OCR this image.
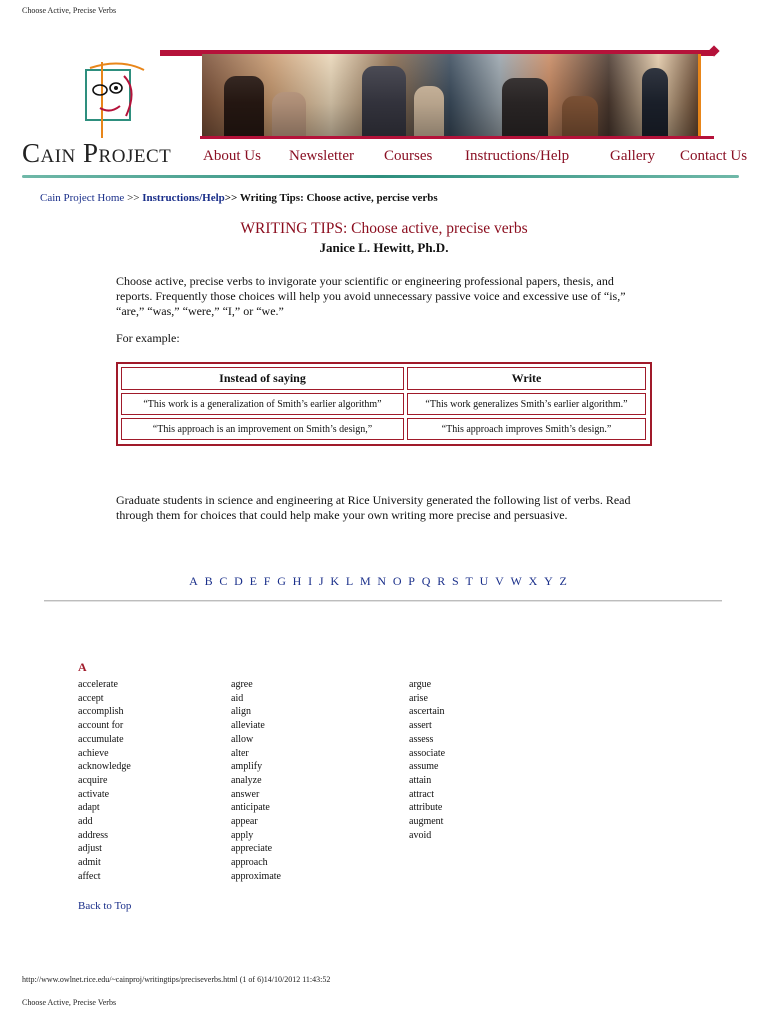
Choose Active, Precise Verbs
Cain Project About Us Newsletter Courses Instructions/Help	Gallery Contact Us
Cain Project Home >> Instructions/Help>> Writing Tips: Choose active, percise verbs
WRITING TIPS: Choose active, precise verbs
Janice L. Hewitt, Ph.D.
Choose active, precise verbs to invigorate your scientific or engineering professional papers, thesis, and reports. Frequently those choices will help you avoid unnecessary passive voice and excessive use of “is,” “are,” “was,” “were,” “I,” or “we.”
For example:
Instead of saying	Write
“This work is a generalization of Smith’s earlier algorithm”	“This work generalizes Smith’s earlier algorithm.”
“This approach is an improvement on Smith’s design,”	“This approach improves Smith’s design.”
Graduate students in science and engineering at Rice University generated the following list of verbs. Read through them for choices that could help make your own writing more precise and persuasive.
A B C D E F G H I J K L M N O P Q R S T U V W X Y Z
A
accelerate
accept
accomplish
account for
accumulate
achieve
acknowledge
acquire
activate
adapt
add
address
adjust
admit
affect
agree
aid
align
alleviate
allow
alter
amplify
analyze
answer
anticipate
appear
apply
appreciate
approach
approximate
argue
arise
ascertain
assert
assess
associate
assume
attain
attract
attribute
augment
avoid
Back to Top
http://www.owlnet.rice.edu/~cainproj/writingtips/preciseverbs.html (1 of 6)14/10/2012 11:43:52
Choose Active, Precise Verbs
